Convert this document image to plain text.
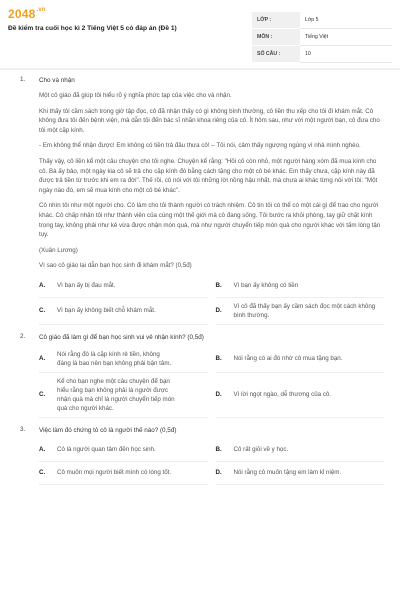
$2048^{.vn}$
Đề kiểm tra cuối học kì 2 Tiếng Việt 5 có đáp án (Đề 1)
LỚP :	Lớp 5
MÔN :	Tiếng Việt
SỐ CÂU :	10
1. Cho và nhận

Một cô giáo đã giúp tôi hiểu rõ ý nghĩa phức tạp của việc cho và nhận.

Khi thấy tôi cầm sách trong giờ tập đọc, cô đã nhận thấy có gì không bình thường, cô liền thu xếp cho tôi đi khám mắt. Cô không đưa tôi đến bệnh viện, mà dẫn tôi đến bác sĩ nhãn khoa riêng của cô. Ít hôm sau, như với một người bạn, cô đưa cho tôi một cặp kính.

- Em không thể nhận được! Em không có tiền trả đâu thưa cô! – Tôi nói, cảm thấy ngượng ngùng vì nhà mình nghèo.

Thấy vậy, cô liền kể một câu chuyện cho tôi nghe. Chuyện kể rằng: "Hồi cô còn nhỏ, một người hàng xóm đã mua kính cho cô. Bà ấy bảo, một ngày kia cô sẽ trả cho cặp kính đó bằng cách tặng cho một cô bé khác. Em thấy chưa, cặp kính này đã được trả tiền từ trước khi em ra đời". Thế rồi, cô nói với tôi những lời nồng hậu nhất, mà chưa ai khác từng nói với tôi: "Một ngày nào đó, em sẽ mua kính cho một cô bé khác".

Cô nhìn tôi như một người cho. Cô làm cho tôi thành người có trách nhiệm. Cô tin tôi có thể có một cái gì để trao cho người khác. Cô chấp nhận tôi như thành viên của cùng một thế giới mà cô đang sống. Tôi bước ra khỏi phòng, tay giữ chặt kính trong tay, không phải như kẻ vừa được nhận món quà, mà như người chuyển tiếp món quà cho người khác với tấm lòng tận tụy.

(Xuân Lương)

Vì sao cô giáo lại dẫn bạn học sinh đi khám mắt? (0,5đ)

A.	Vì bạn ấy bị đau mắt.	B.	Vì bạn ấy không có tiền
C.	Vì bạn ấy không biết chỗ khám mắt.	D.
Vì cô đã thấy bạn ấy cầm sách đọc một cách không bình thường.
2. Cô giáo đã làm gì để bạn học sinh vui vẻ nhận kính? (0,5đ)
A.
Nói rằng đó là cặp kính rẻ tiền, không đáng là bao nên bạn không phải bận tâm.
B.	Nói rằng có ai đó nhờ cô mua tặng bạn.
C.
Kể cho bạn nghe một câu chuyện để bạn hiểu rằng bạn không phải là người được nhận quà mà chỉ là người chuyển tiếp món quà cho người khác.
D.	Vì lời ngọt ngào, dễ thương của cô.
3. Việc làm đó chứng tỏ cô là người thế nào? (0,5đ)
A.	Cô là người quan tâm đến học sinh.	B.	Cô rất giỏi về y học.
C.	Cô muốn mọi người biết mình có lòng tốt.	D.	Nói rằng cô muốn tặng em làm kỉ niệm.
